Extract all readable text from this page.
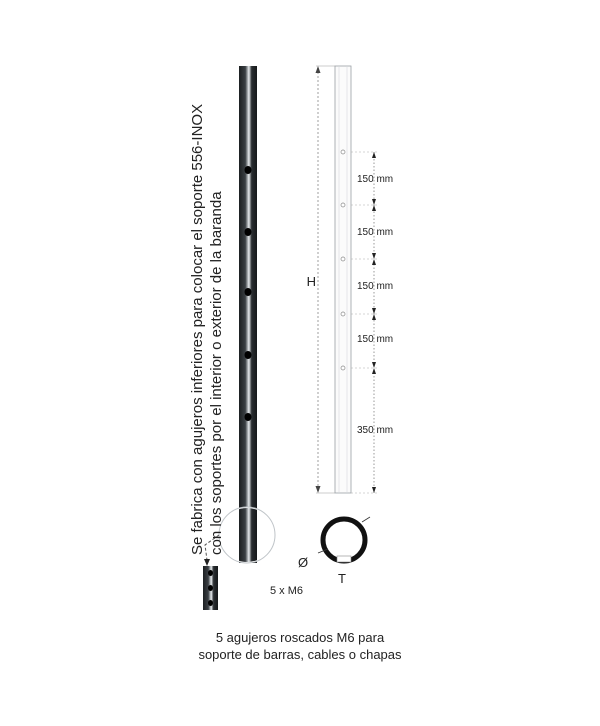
H
150 mm
150 mm
150 mm
150 mm
350 mm
Ø
T
5 x M6
Se fabrica con agujeros inferiores para colocar el soporte 556-INOX con los soportes por el interior o exterior de la baranda
5 agujeros roscados M6 para
soporte de barras, cables o chapas
